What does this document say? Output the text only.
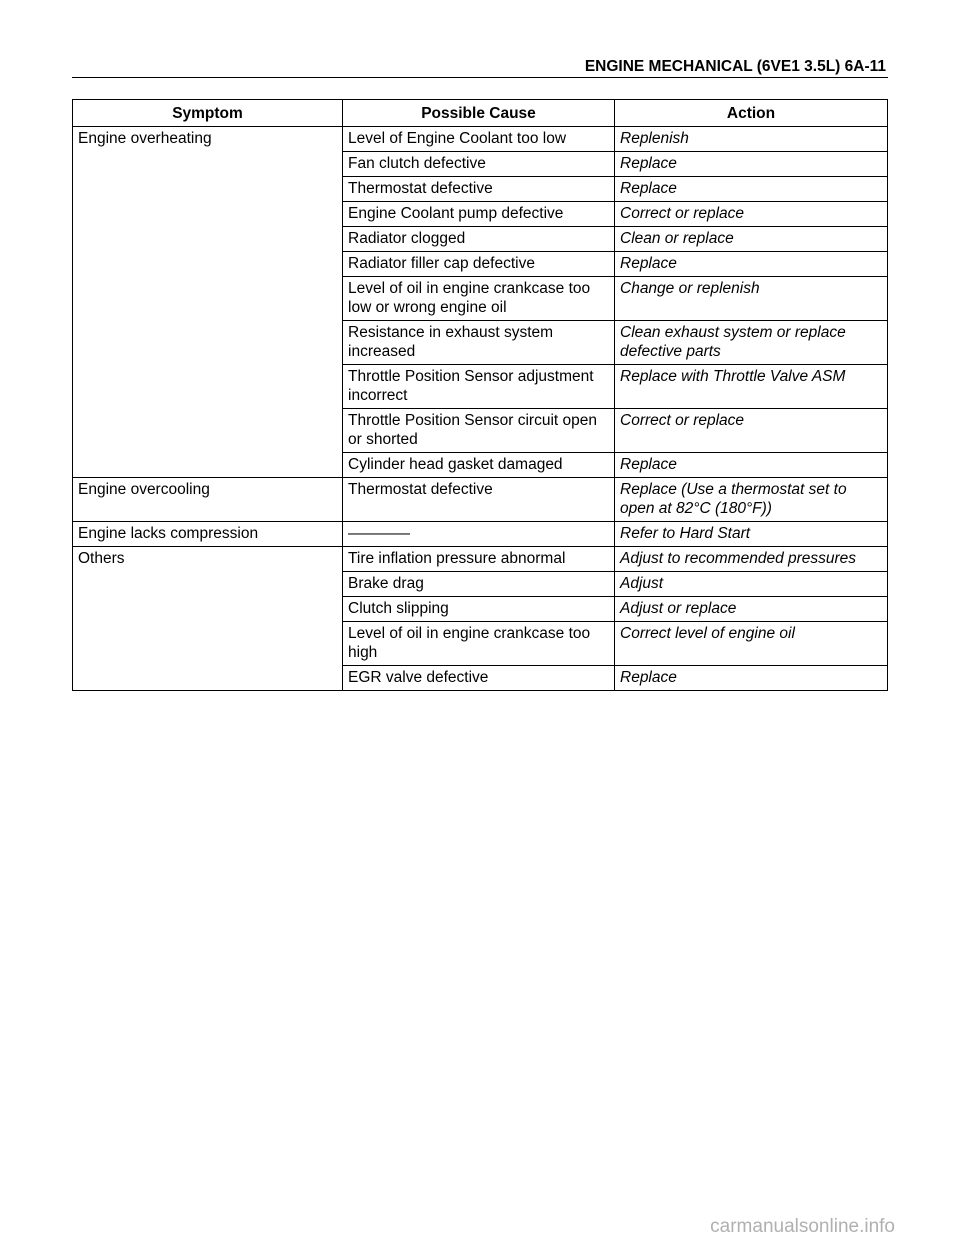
ENGINE MECHANICAL (6VE1 3.5L) 6A-11
Symptom	Possible Cause	Action
Engine overheating	Level of Engine Coolant too low	Replenish
	Fan clutch defective	Replace
	Thermostat defective	Replace
	Engine Coolant pump defective	Correct or replace
	Radiator clogged	Clean or replace
	Radiator filler cap defective	Replace
	Level of oil in engine crankcase too low or wrong engine oil	Change or replenish
	Resistance in exhaust system increased	Clean exhaust system or replace defective parts
	Throttle Position Sensor adjustment incorrect	Replace with Throttle Valve ASM
	Throttle Position Sensor circuit open or shorted	Correct or replace
	Cylinder head gasket damaged	Replace
Engine overcooling	Thermostat defective	Replace (Use a thermostat set to open at 82°C (180°F))
Engine lacks compression	————	Refer to Hard Start
Others	Tire inflation pressure abnormal	Adjust to recommended pressures
	Brake drag	Adjust
	Clutch slipping	Adjust or replace
	Level of oil in engine crankcase too high	Correct level of engine oil
	EGR valve defective	Replace
carmanualsonline.info
